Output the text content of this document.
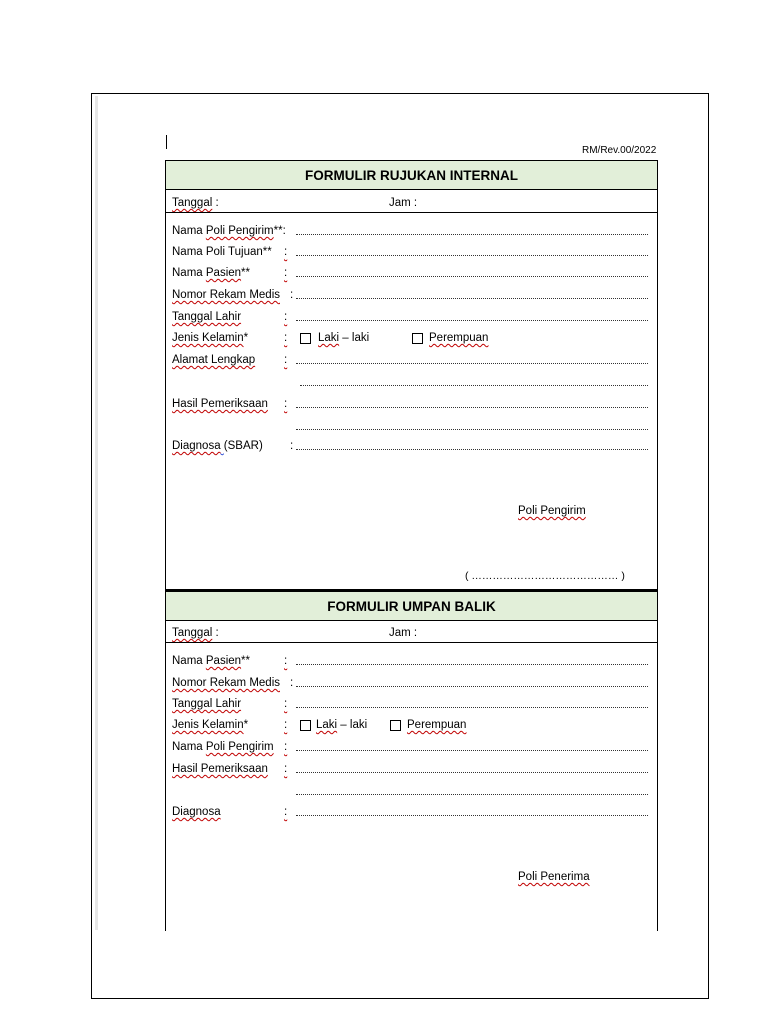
RM/Rev.00/2022
FORMULIR RUJUKAN INTERNAL
Tanggal :	Jam :
Nama Poli Pengirim**:
Nama Poli Tujuan** :
Nama Pasien**	:
Nomor Rekam Medis :
Tanggal Lahir	:
Jenis Kelamin*	:	Laki – laki	Perempuan
Alamat Lengkap	:
Hasil Pemeriksaan :
Diagnosa (SBAR) :
Poli Pengirim
( …………………………………… )
FORMULIR UMPAN BALIK
Tanggal :	Jam :
Nama Pasien**	:
Nomor Rekam Medis :
Tanggal Lahir	:
Jenis Kelamin*	:	Laki – laki	Perempuan
Nama Poli Pengirim :
Hasil Pemeriksaan :
Diagnosa	:
Poli Penerima
